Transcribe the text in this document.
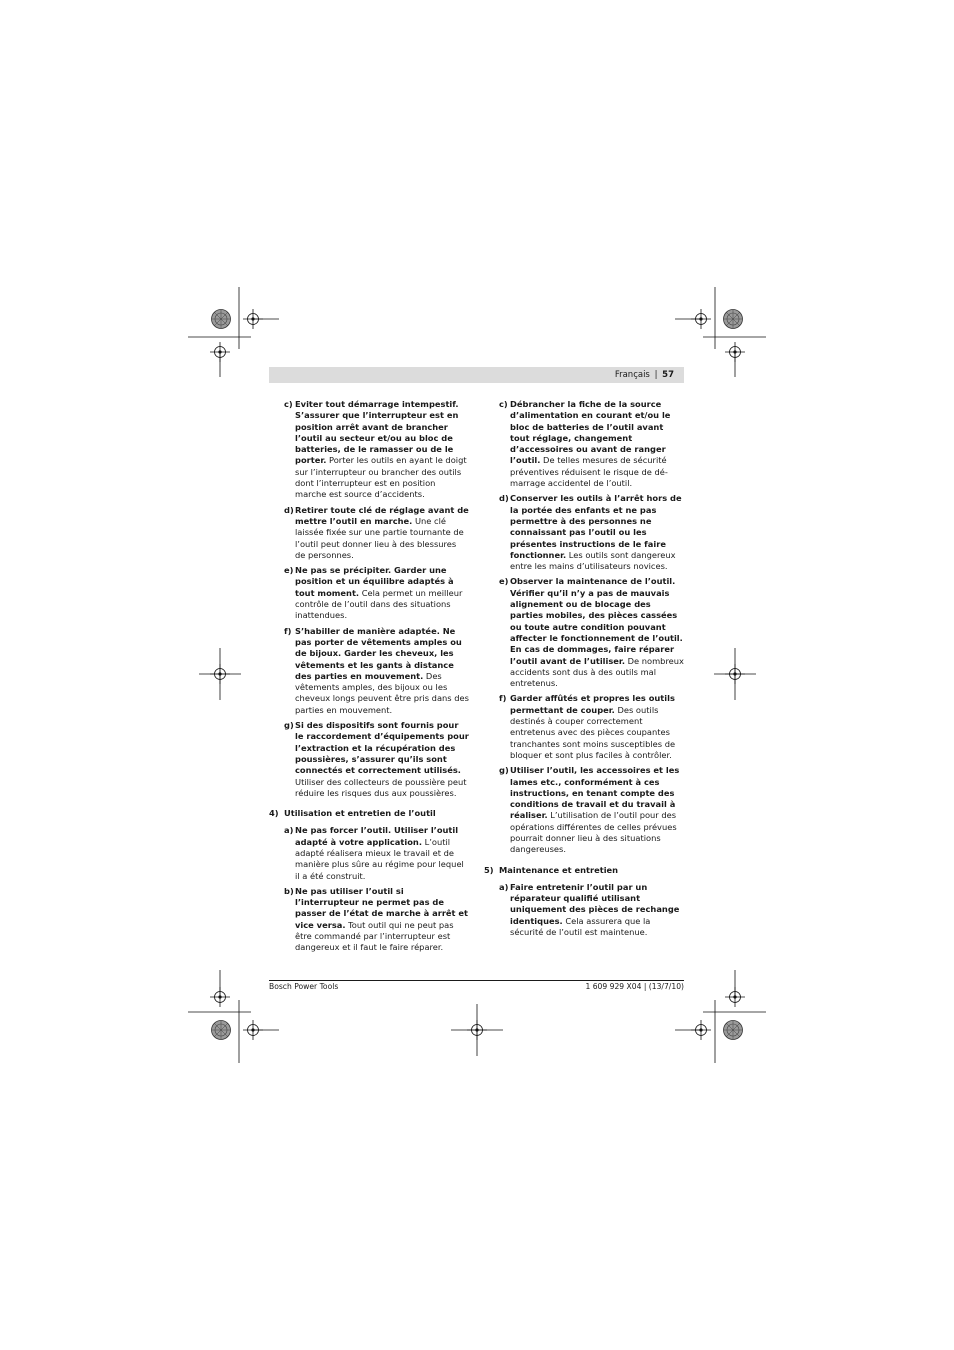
Français | 57
c) Eviter tout démarrage intempestif. S’assurer que l’interrupteur est en position arrêt avant de brancher l’outil au secteur et/ou au bloc de batteries, de le ramasser ou de le porter. Porter les outils en ayant le doigt sur l’interrupteur ou brancher des outils dont l’interrupteur est en position marche est source d’accidents.
d) Retirer toute clé de réglage avant de mettre l’outil en marche. Une clé laissée fixée sur une partie tournante de l’outil peut donner lieu à des blessures de personnes.
e) Ne pas se précipiter. Garder une position et un équilibre adaptés à tout moment. Cela permet un meilleur contrôle de l’outil dans des situations inattendues.
f) S’habiller de manière adaptée. Ne pas porter de vêtements amples ou de bijoux. Garder les cheveux, les vêtements et les gants à distance des parties en mouvement. Des vêtements amples, des bijoux ou les cheveux longs peuvent être pris dans des parties en mouvement.
g) Si des dispositifs sont fournis pour le raccordement d’équipements pour l’extraction et la récupération des poussières, s’assurer qu’ils sont connectés et correctement utilisés. Utiliser des collecteurs de poussière peut réduire les risques dus aux poussières.
4) Utilisation et entretien de l’outil
a) Ne pas forcer l’outil. Utiliser l’outil adapté à votre application. L’outil adapté réalisera mieux le travail et de manière plus sûre au régime pour lequel il a été construit.
b) Ne pas utiliser l’outil si l’interrupteur ne permet pas de passer de l’état de marche à arrêt et vice versa. Tout outil qui ne peut pas être commandé par l’interrupteur est dangereux et il faut le faire réparer.
c) Débrancher la fiche de la source d’alimentation en courant et/ou le bloc de batteries de l’outil avant tout réglage, changement d’accessoires ou avant de ranger l’outil. De telles mesures de sécurité préventives réduisent le risque de démarrage accidentel de l’outil.
d) Conserver les outils à l’arrêt hors de la portée des enfants et ne pas permettre à des personnes ne connaissant pas l’outil ou les présentes instructions de le faire fonctionner. Les outils sont dangereux entre les mains d’utilisateurs novices.
e) Observer la maintenance de l’outil. Vérifier qu’il n’y a pas de mauvais alignement ou de blocage des parties mobiles, des pièces cassées ou toute autre condition pouvant affecter le fonctionnement de l’outil. En cas de dommages, faire réparer l’outil avant de l’utiliser. De nombreux accidents sont dus à des outils mal entretenus.
f) Garder affûtés et propres les outils permettant de couper. Des outils destinés à couper correctement entretenus avec des pièces coupantes tranchantes sont moins susceptibles de bloquer et sont plus faciles à contrôler.
g) Utiliser l’outil, les accessoires et les lames etc., conformément à ces instructions, en tenant compte des conditions de travail et du travail à réaliser. L’utilisation de l’outil pour des opérations différentes de celles prévues pourrait donner lieu à des situations dangereuses.
5) Maintenance et entretien
a) Faire entretenir l’outil par un réparateur qualifié utilisant uniquement des pièces de rechange identiques. Cela assurera que la sécurité de l’outil est maintenue.
Bosch Power Tools	1 609 929 X04 | (13/7/10)
